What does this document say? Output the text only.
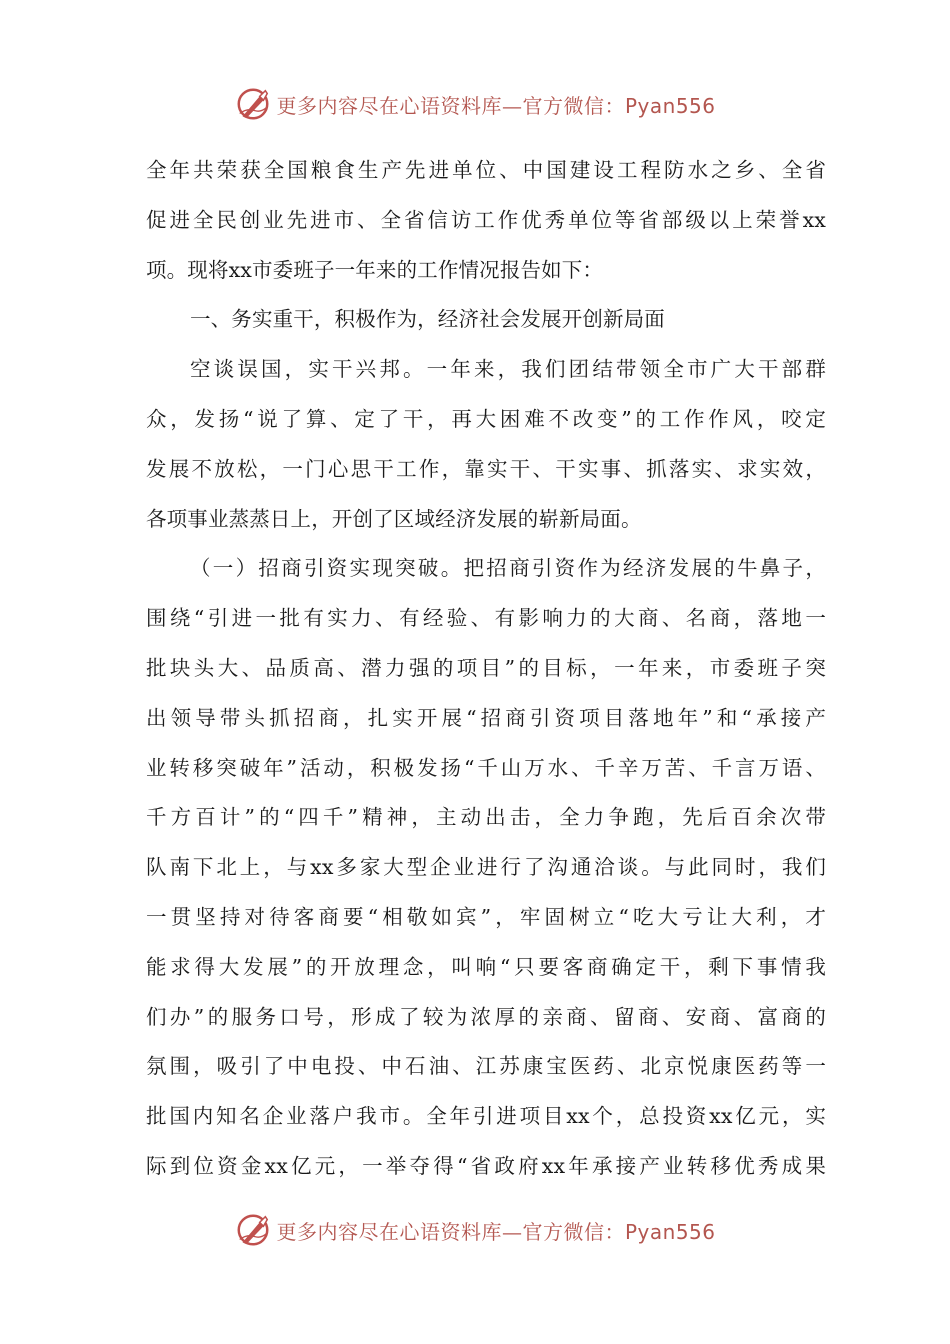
更多内容尽在心语资料库—官方微信：Pyan556
全年共荣获全国粮食生产先进单位、中国建设工程防水之乡、全省
促进全民创业先进市、全省信访工作优秀单位等省部级以上荣誉xx
项。现将xx市委班子一年来的工作情况报告如下：
一、务实重干，积极作为，经济社会发展开创新局面
空谈误国，实干兴邦。一年来，我们团结带领全市广大干部群
众，发扬“说了算、定了干，再大困难不改变”的工作作风，咬定
发展不放松，一门心思干工作，靠实干、干实事、抓落实、求实效，
各项事业蒸蒸日上，开创了区域经济发展的崭新局面。
（一）招商引资实现突破。把招商引资作为经济发展的牛鼻子，
围绕“引进一批有实力、有经验、有影响力的大商、名商，落地一
批块头大、品质高、潜力强的项目”的目标，一年来，市委班子突
出领导带头抓招商，扎实开展“招商引资项目落地年”和“承接产
业转移突破年”活动，积极发扬“千山万水、千辛万苦、千言万语、
千方百计”的“四千”精神，主动出击，全力争跑，先后百余次带
队南下北上，与xx多家大型企业进行了沟通洽谈。与此同时，我们
一贯坚持对待客商要“相敬如宾”，牢固树立“吃大亏让大利，才
能求得大发展”的开放理念，叫响“只要客商确定干，剩下事情我
们办”的服务口号，形成了较为浓厚的亲商、留商、安商、富商的
氛围，吸引了中电投、中石油、江苏康宝医药、北京悦康医药等一
批国内知名企业落户我市。全年引进项目xx个，总投资xx亿元，实
际到位资金xx亿元，一举夺得“省政府xx年承接产业转移优秀成果
更多内容尽在心语资料库—官方微信：Pyan556
